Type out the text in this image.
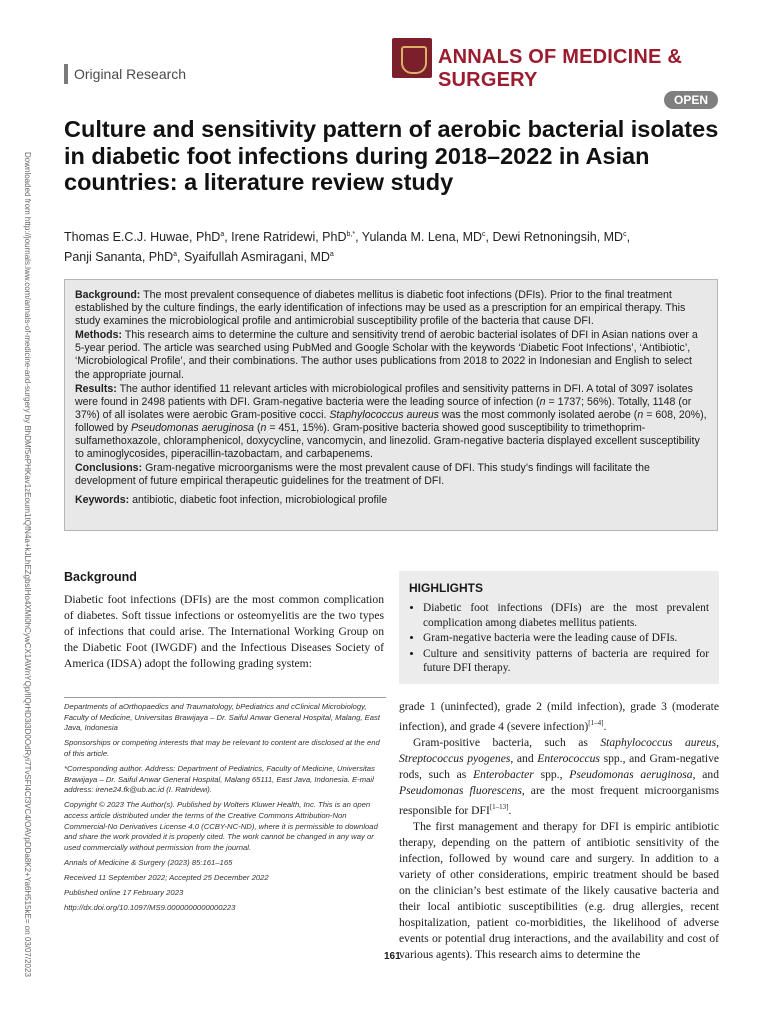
Original Research
ANNALS OF MEDICINE & SURGERY
OPEN
Downloaded from http://journals.lww.com/annals-of-medicine-and-surgery by BhDMf5ePHKav1zEoum1tQfN4a+kJLhEZgbsIHo4XMi0hCywCX1AWnYQp/IlQrHD3i3D0OdRyi7TvSFl4Cf3VC4/OAVpDDa8K2+Ya6H515kE= on 03/07/2023
Culture and sensitivity pattern of aerobic bacterial isolates in diabetic foot infections during 2018–2022 in Asian countries: a literature review study
Thomas E.C.J. Huwae, PhD$^a$, Irene Ratridewi, PhD$^{b,*}$, Yulanda M. Lena, $MD^c$, Dewi Retnoningsih, $MD^c$,
Panji Sananta, PhD$^a$, Syaifullah Asmiragani, $MD^a$

Background: The most prevalent consequence of diabetes mellitus is diabetic foot infections (DFIs). Prior to the final treatment established by the culture findings, the early identification of infections may be used as a prescription for an empirical therapy. This study examines the microbiological profile and antimicrobial susceptibility profile of the bacteria that cause DFI.

Methods: This research aims to determine the culture and sensitivity trend of aerobic bacterial isolates of DFI in Asian nations over a 5-year period. The article was searched using PubMed and Google Scholar with the keywords ‘Diabetic Foot Infections’, ‘Antibiotic’, ‘Microbiological Profile’, and their combinations. The author uses publications from 2018 to 2022 in Indonesian and English to select the appropriate journal.

Results: The author identified 11 relevant articles with microbiological profiles and sensitivity patterns in DFI. A total of 3097 isolates were found in 2498 patients with DFI. Gram-negative bacteria were the leading source of infection (n = 1737; 56%). Totally, 1148 (or 37%) of all isolates were aerobic Gram-positive cocci. Staphylococcus aureus was the most commonly isolated aerobe (n = 608, 20%), followed by Pseudomonas aeruginosa (n = 451, 15%). Gram-positive bacteria showed good susceptibility to trimethoprim-sulfamethoxazole, chloramphenicol, doxycycline, vancomycin, and linezolid. Gram-negative bacteria displayed excellent susceptibility to aminoglycosides, piperacillin-tazobactam, and carbapenems.

Conclusions: Gram-negative microorganisms were the most prevalent cause of DFI. This study’s findings will facilitate the development of future empirical therapeutic guidelines for the treatment of DFI.

Keywords: antibiotic, diabetic foot infection, microbiological profile

Background

Diabetic foot infections (DFIs) are the most common complication of diabetes. Soft tissue infections or osteomyelitis are the two types of infections that could arise. The International Working Group on the Diabetic Foot (IWGDF) and the Infectious Diseases Society of America (IDSA) adopt the following grading system:

HIGHLIGHTS
• Diabetic foot infections (DFIs) are the most prevalent complication among diabetes mellitus patients.
• Gram-negative bacteria were the leading cause of DFIs.
• Culture and sensitivity patterns of bacteria are required for future DFI therapy.

Departments of aOrthopaedics and Traumatology, bPediatrics and cClinical Microbiology, Faculty of Medicine, Universitas Brawijaya – Dr. Saiful Anwar General Hospital, Malang, East Java, Indonesia

Sponsorships or competing interests that may be relevant to content are disclosed at the end of this article.

*Corresponding author. Address: Department of Pediatrics, Faculty of Medicine, Universitas Brawijaya – Dr. Saiful Anwar General Hospital, Malang 65111, East Java, Indonesia. E-mail address: irene24.fk@ub.ac.id (I. Ratridewi).

Copyright © 2023 The Author(s). Published by Wolters Kluwer Health, Inc. This is an open access article distributed under the terms of the Creative Commons Attribution-Non Commercial-No Derivatives License 4.0 (CCBY-NC-ND), where it is permissible to download and share the work provided it is properly cited. The work cannot be changed in any way or used commercially without permission from the journal.

Annals of Medicine & Surgery (2023) 85:161–165

Received 11 September 2022; Accepted 25 December 2022

Published online 17 February 2023

http://dx.doi.org/10.1097/MS9.0000000000000223

grade 1 (uninfected), grade 2 (mild infection), grade 3 (moderate infection), and grade 4 (severe infection)[1–4].

Gram-positive bacteria, such as Staphylococcus aureus, Streptococcus pyogenes, and Enterococcus spp., and Gram-negative rods, such as Enterobacter spp., Pseudomonas aeruginosa, and Pseudomonas fluorescens, are the most frequent microorganisms responsible for DFI[1–13].

The first management and therapy for DFI is empiric antibiotic therapy, depending on the pattern of antibiotic sensitivity of the infection, followed by wound care and surgery. In addition to a variety of other considerations, empiric treatment should be based on the clinician’s best estimate of the likely causative bacteria and their local antibiotic susceptibilities (e.g. drug allergies, recent hospitalization, patient co-morbidities, the likelihood of adverse events or potential drug interactions, and the availability and cost of various agents). This research aims to determine the

161
